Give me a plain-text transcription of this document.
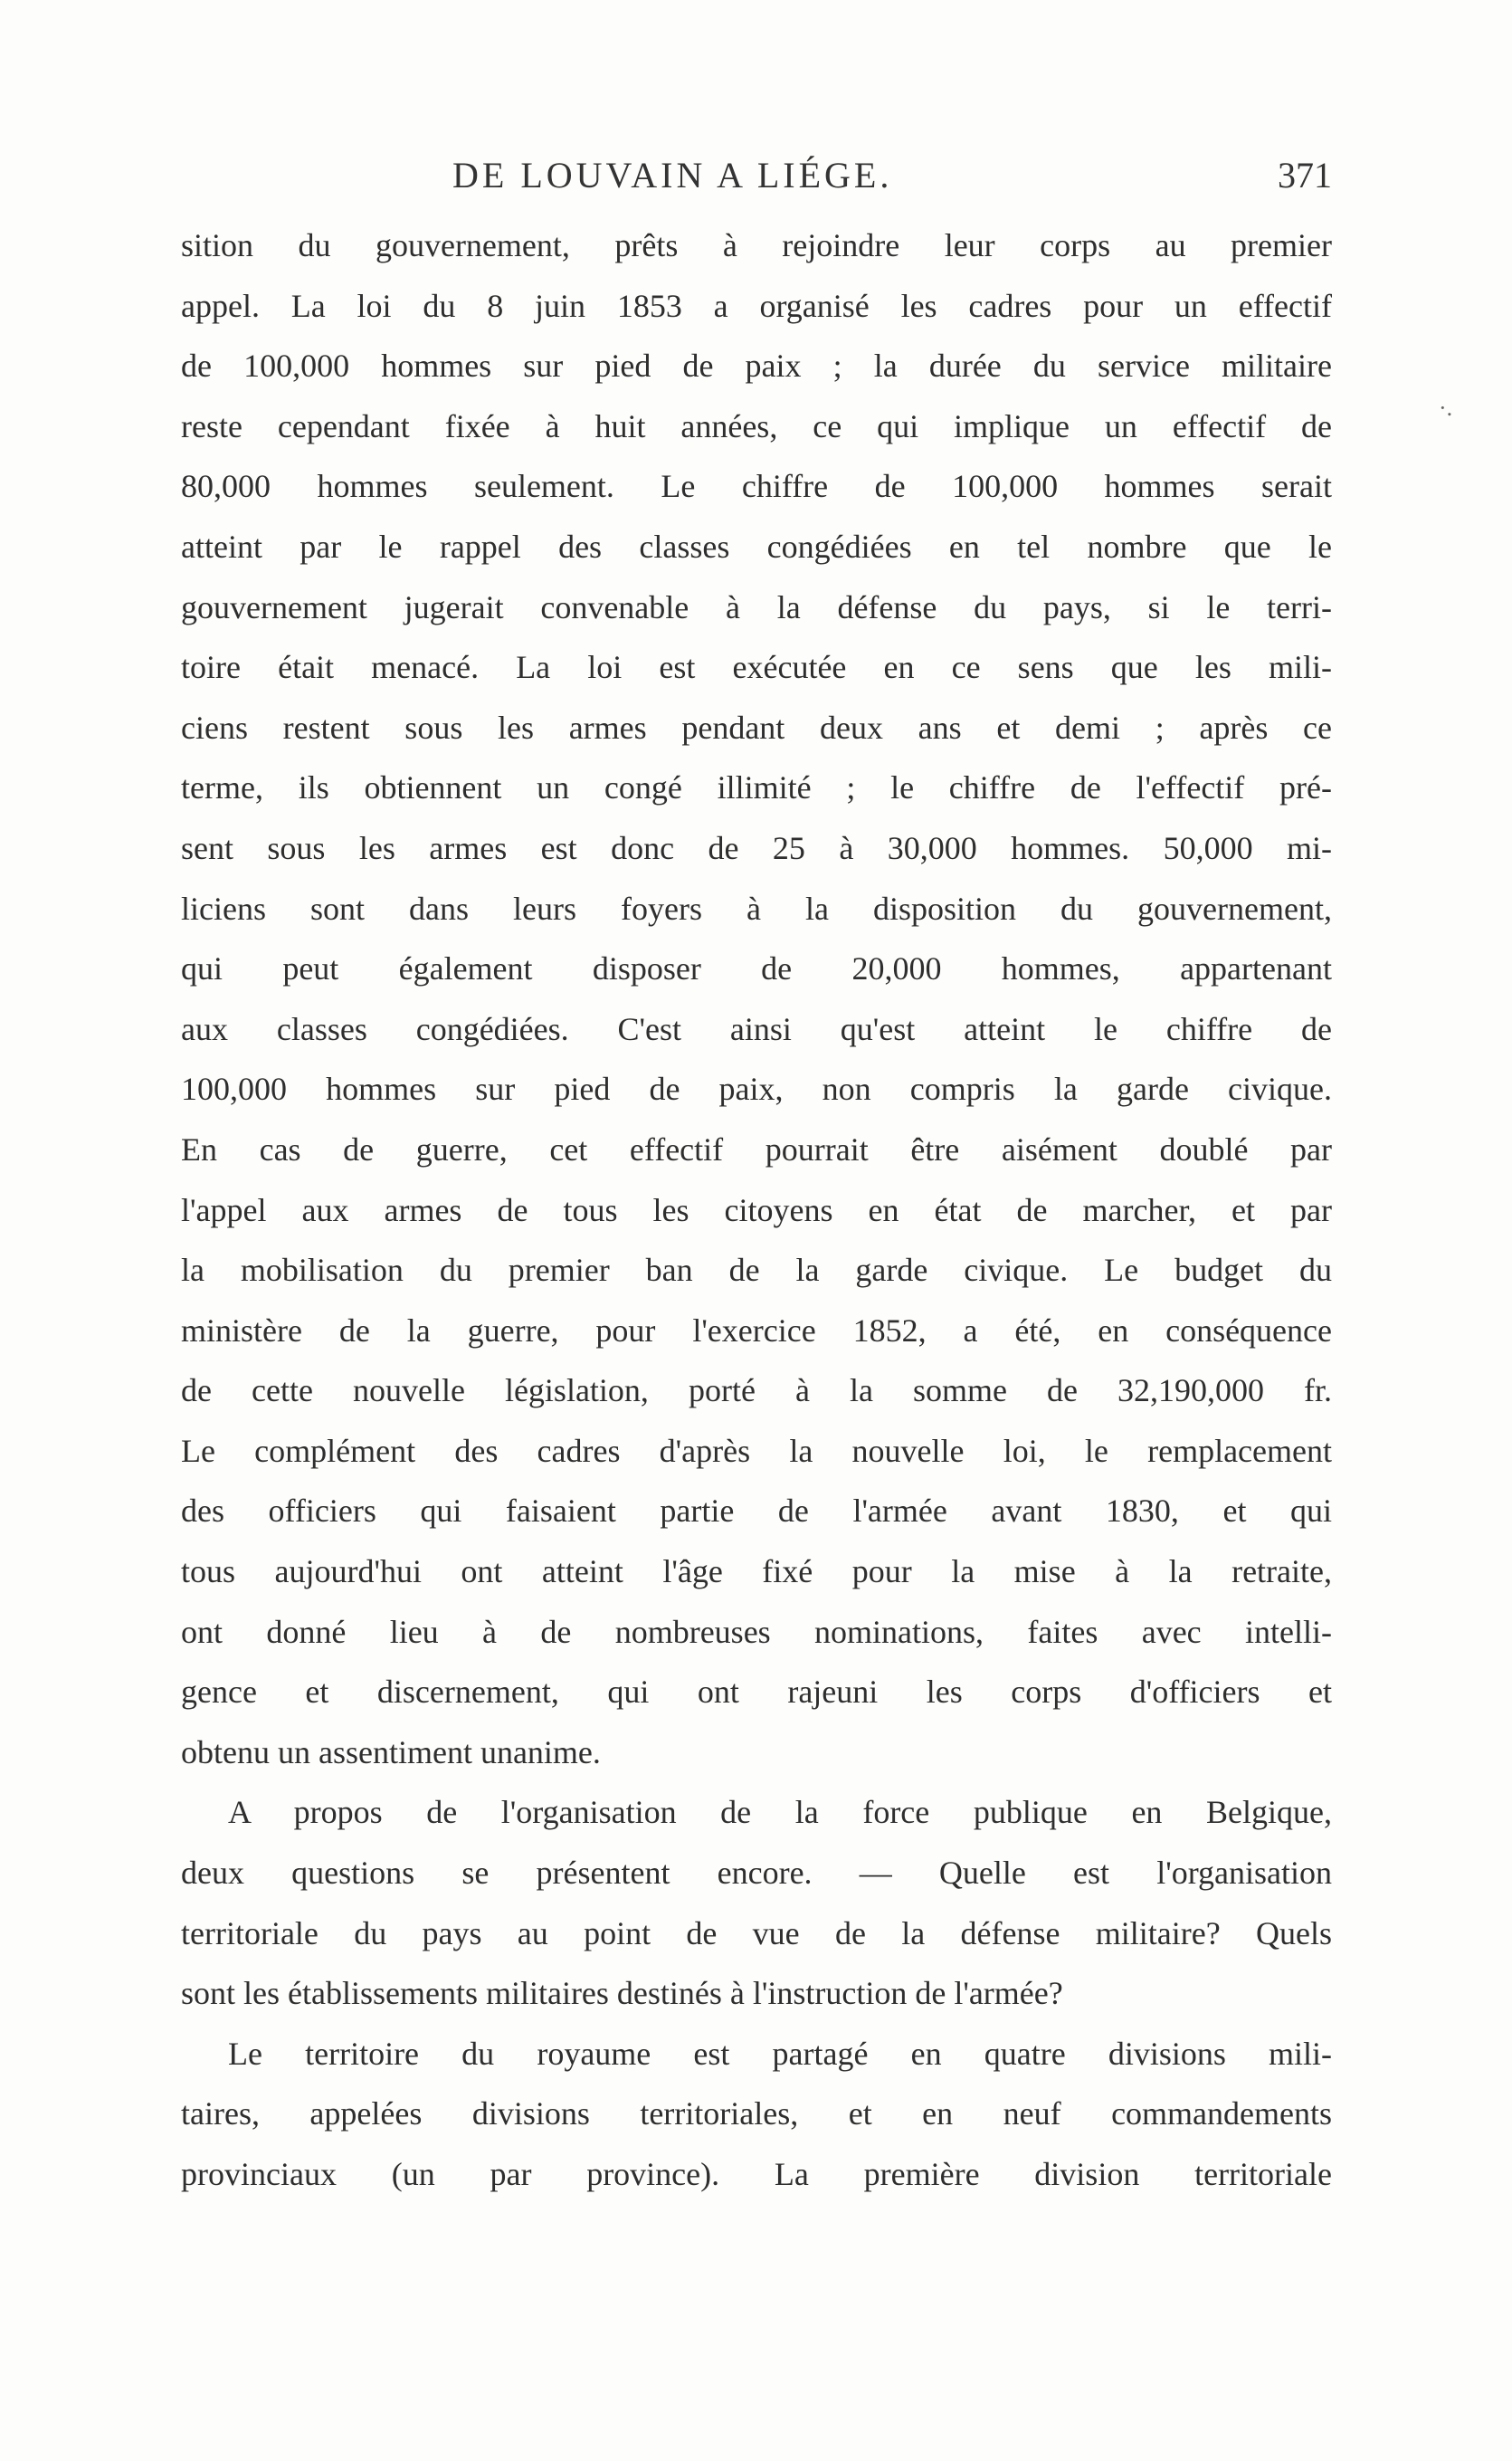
DE LOUVAIN A LIÉGE.	371
·.
sition du gouvernement, prêts à rejoindre leur corps au premier
appel. La loi du 8 juin 1853 a organisé les cadres pour un effectif
de 100,000 hommes sur pied de paix ; la durée du service militaire
reste cependant fixée à huit années, ce qui implique un effectif de
80,000 hommes seulement. Le chiffre de 100,000 hommes serait
atteint par le rappel des classes congédiées en tel nombre que le
gouvernement jugerait convenable à la défense du pays, si le terri-
toire était menacé. La loi est exécutée en ce sens que les mili-
ciens restent sous les armes pendant deux ans et demi ; après ce
terme, ils obtiennent un congé illimité ; le chiffre de l'effectif pré-
sent sous les armes est donc de 25 à 30,000 hommes. 50,000 mi-
liciens sont dans leurs foyers à la disposition du gouvernement,
qui peut également disposer de 20,000 hommes, appartenant
aux classes congédiées. C'est ainsi qu'est atteint le chiffre de
100,000 hommes sur pied de paix, non compris la garde civique.
En cas de guerre, cet effectif pourrait être aisément doublé par
l'appel aux armes de tous les citoyens en état de marcher, et par
la mobilisation du premier ban de la garde civique. Le budget du
ministère de la guerre, pour l'exercice 1852, a été, en conséquence
de cette nouvelle législation, porté à la somme de 32,190,000 fr.
Le complément des cadres d'après la nouvelle loi, le remplacement
des officiers qui faisaient partie de l'armée avant 1830, et qui
tous aujourd'hui ont atteint l'âge fixé pour la mise à la retraite,
ont donné lieu à de nombreuses nominations, faites avec intelli-
gence et discernement, qui ont rajeuni les corps d'officiers et
obtenu un assentiment unanime.
A propos de l'organisation de la force publique en Belgique,
deux questions se présentent encore. — Quelle est l'organisation
territoriale du pays au point de vue de la défense militaire? Quels
sont les établissements militaires destinés à l'instruction de l'armée?
Le territoire du royaume est partagé en quatre divisions mili-
taires, appelées divisions territoriales, et en neuf commandements
provinciaux (un par province). La première division territoriale
